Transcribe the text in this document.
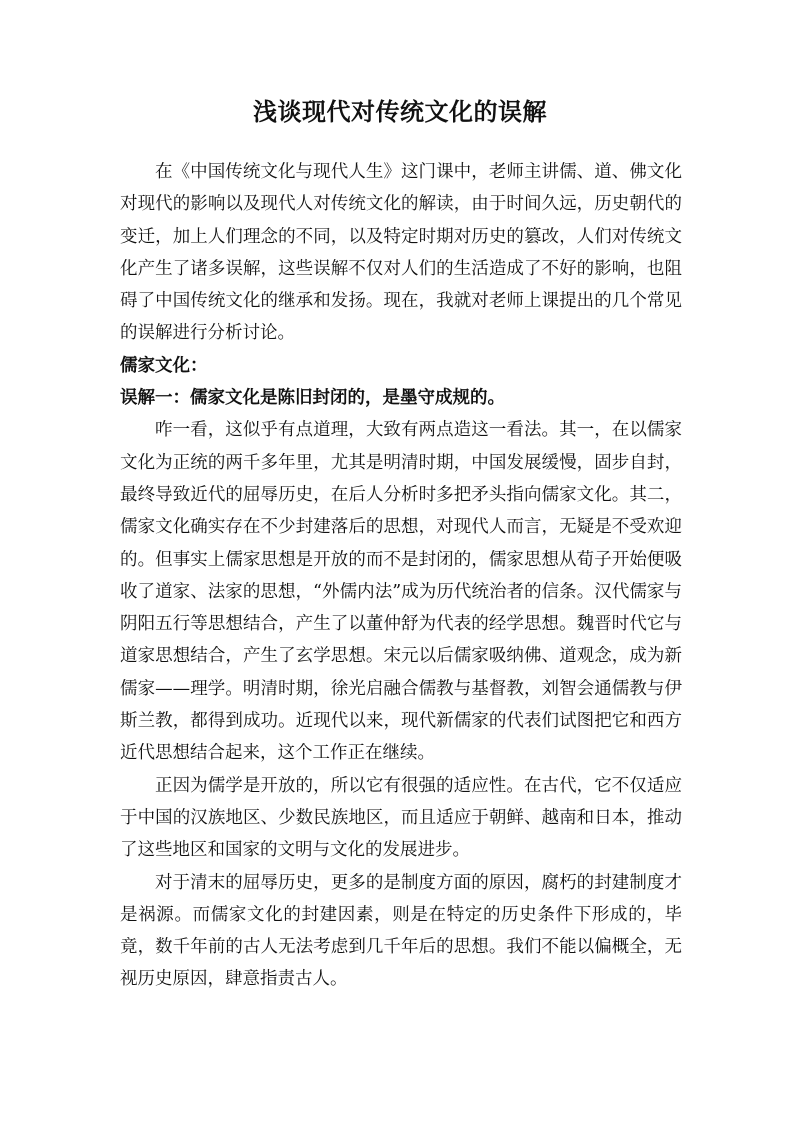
浅谈现代对传统文化的误解

在《中国传统文化与现代人生》这门课中，老师主讲儒、道、佛文化对现代的影响以及现代人对传统文化的解读，由于时间久远，历史朝代的变迁，加上人们理念的不同，以及特定时期对历史的篡改，人们对传统文化产生了诸多误解，这些误解不仅对人们的生活造成了不好的影响，也阻碍了中国传统文化的继承和发扬。现在，我就对老师上课提出的几个常见的误解进行分析讨论。

儒家文化：

误解一：儒家文化是陈旧封闭的，是墨守成规的。

咋一看，这似乎有点道理，大致有两点造这一看法。其一，在以儒家文化为正统的两千多年里，尤其是明清时期，中国发展缓慢，固步自封，最终导致近代的屈辱历史，在后人分析时多把矛头指向儒家文化。其二，儒家文化确实存在不少封建落后的思想，对现代人而言，无疑是不受欢迎的。但事实上儒家思想是开放的而不是封闭的，儒家思想从荀子开始便吸收了道家、法家的思想，“外儒内法”成为历代统治者的信条。汉代儒家与阴阳五行等思想结合，产生了以董仲舒为代表的经学思想。魏晋时代它与道家思想结合，产生了玄学思想。宋元以后儒家吸纳佛、道观念，成为新儒家——理学。明清时期，徐光启融合儒教与基督教，刘智会通儒教与伊斯兰教，都得到成功。近现代以来，现代新儒家的代表们试图把它和西方近代思想结合起来，这个工作正在继续。

正因为儒学是开放的，所以它有很强的适应性。在古代，它不仅适应于中国的汉族地区、少数民族地区，而且适应于朝鲜、越南和日本，推动了这些地区和国家的文明与文化的发展进步。

对于清末的屈辱历史，更多的是制度方面的原因，腐朽的封建制度才是祸源。而儒家文化的封建因素，则是在特定的历史条件下形成的，毕竟，数千年前的古人无法考虑到几千年后的思想。我们不能以偏概全，无视历史原因，肆意指责古人。
